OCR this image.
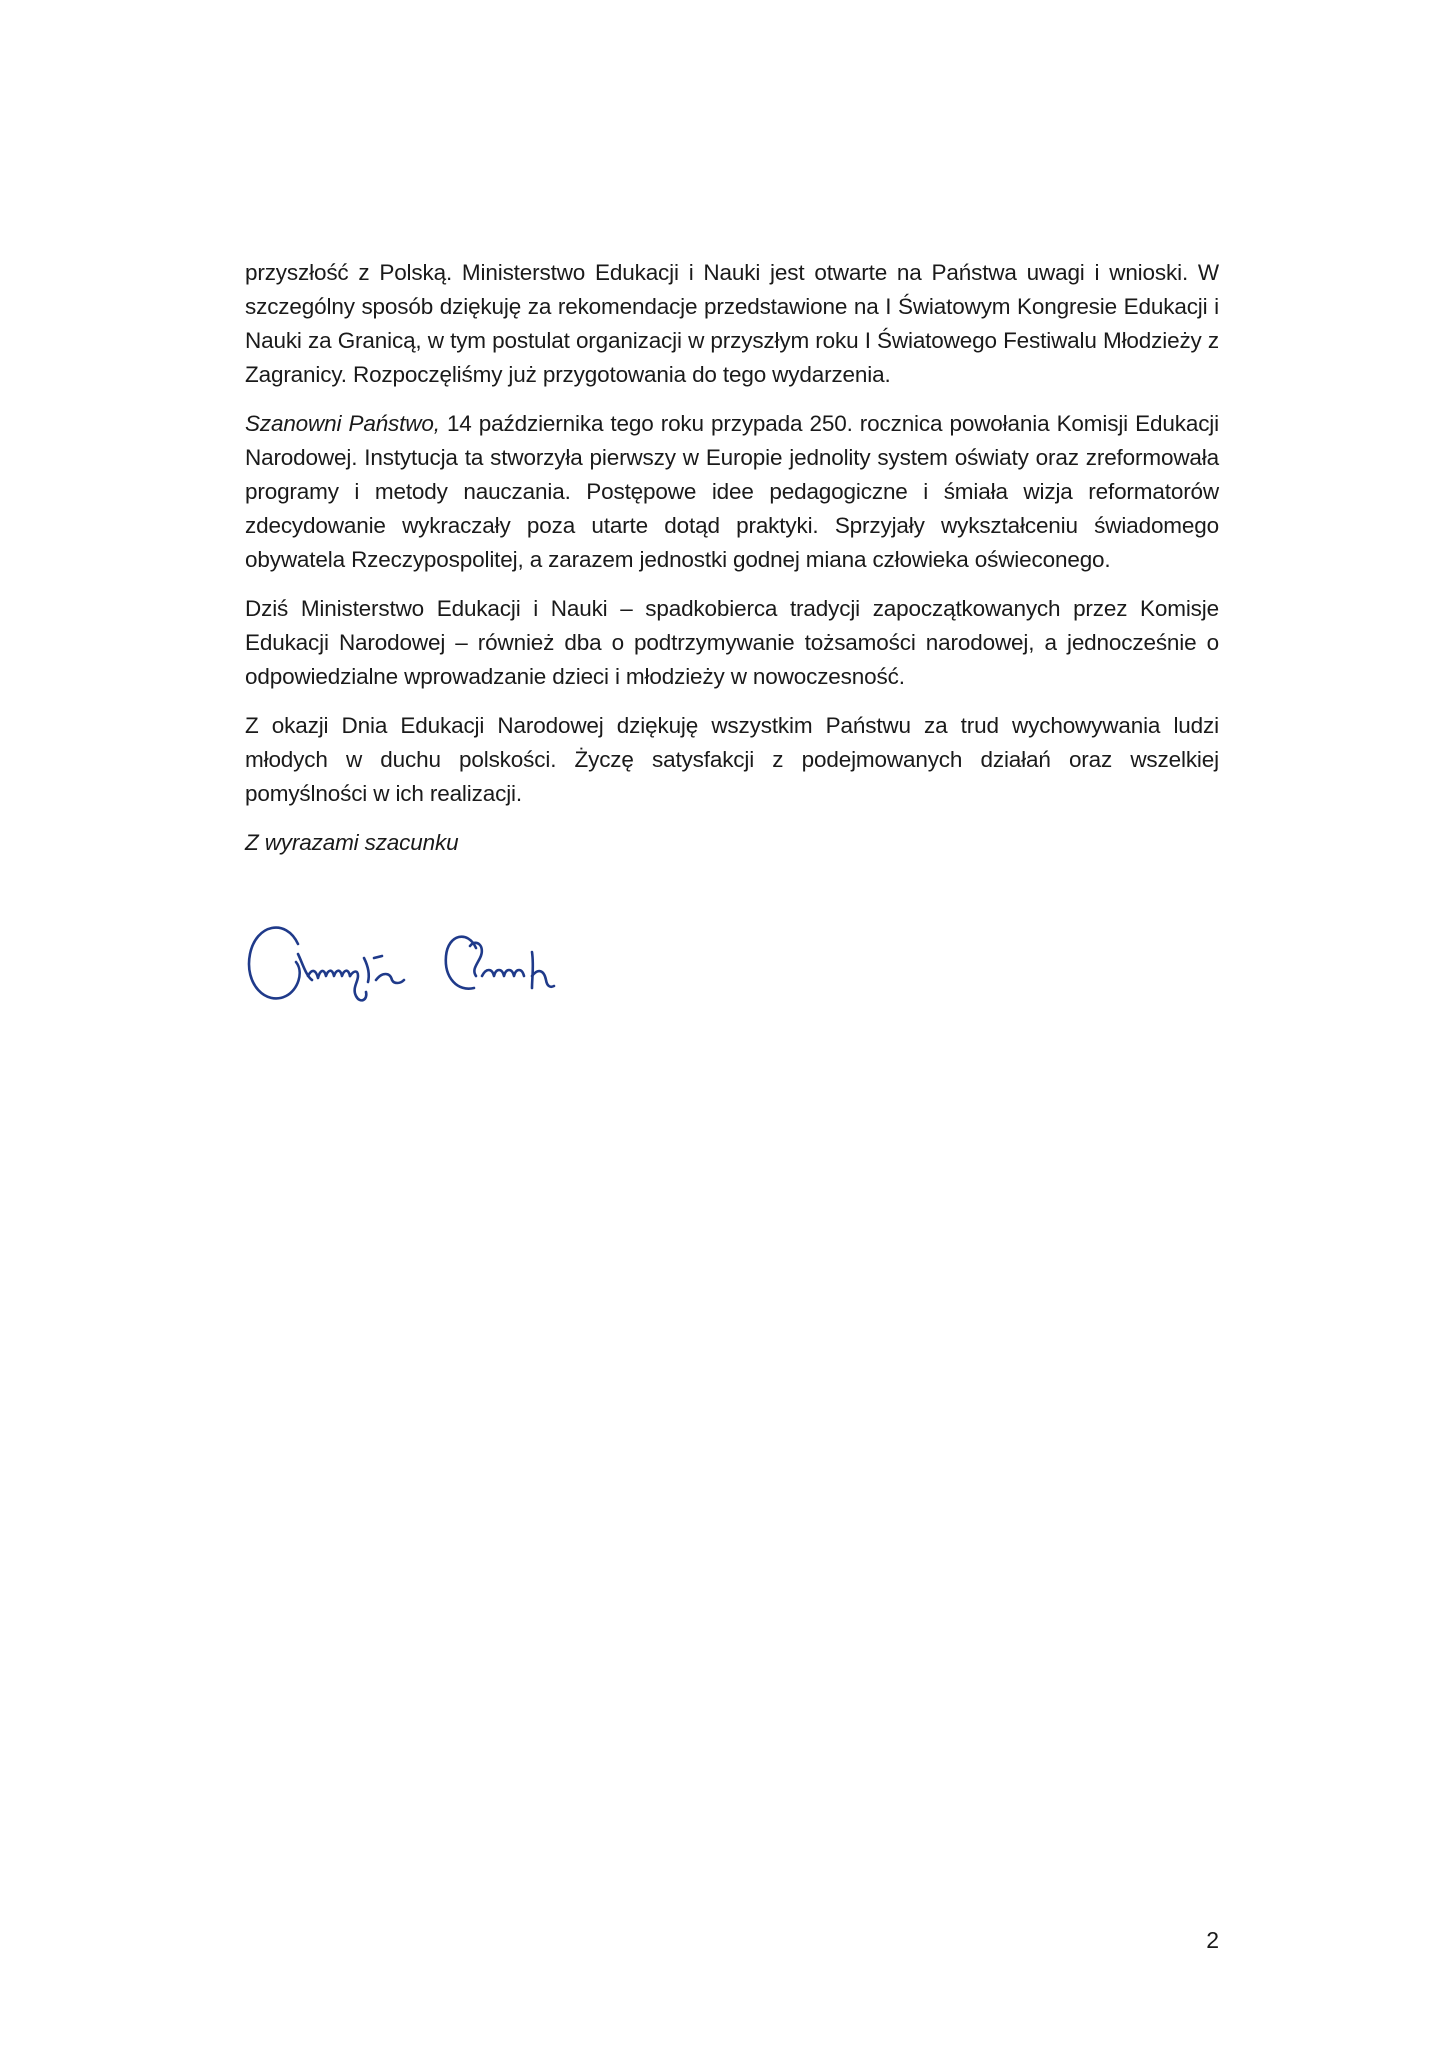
przyszłość z Polską. Ministerstwo Edukacji i Nauki jest otwarte na Państwa uwagi i wnioski. W szczególny sposób dziękuję za rekomendacje przedstawione na I Światowym Kongresie Edukacji i Nauki za Granicą, w tym postulat organizacji w przyszłym roku I Światowego Festiwalu Młodzieży z Zagranicy. Rozpoczęliśmy już przygotowania do tego wydarzenia.

Szanowni Państwo, 14 października tego roku przypada 250. rocznica powołania Komisji Edukacji Narodowej. Instytucja ta stworzyła pierwszy w Europie jednolity system oświaty oraz zreformowała programy i metody nauczania. Postępowe idee pedagogiczne i śmiała wizja reformatorów zdecydowanie wykraczały poza utarte dotąd praktyki. Sprzyjały wykształceniu świadomego obywatela Rzeczypospolitej, a zarazem jednostki godnej miana człowieka oświeconego.

Dziś Ministerstwo Edukacji i Nauki – spadkobierca tradycji zapoczątkowanych przez Komisje Edukacji Narodowej – również dba o podtrzymywanie tożsamości narodowej, a jednocześnie o odpowiedzialne wprowadzanie dzieci i młodzieży w nowoczesność.

Z okazji Dnia Edukacji Narodowej dziękuję wszystkim Państwu za trud wychowywania ludzi młodych w duchu polskości. Życzę satysfakcji z podejmowanych działań oraz wszelkiej pomyślności w ich realizacji.

Z wyrazami szacunku

2
